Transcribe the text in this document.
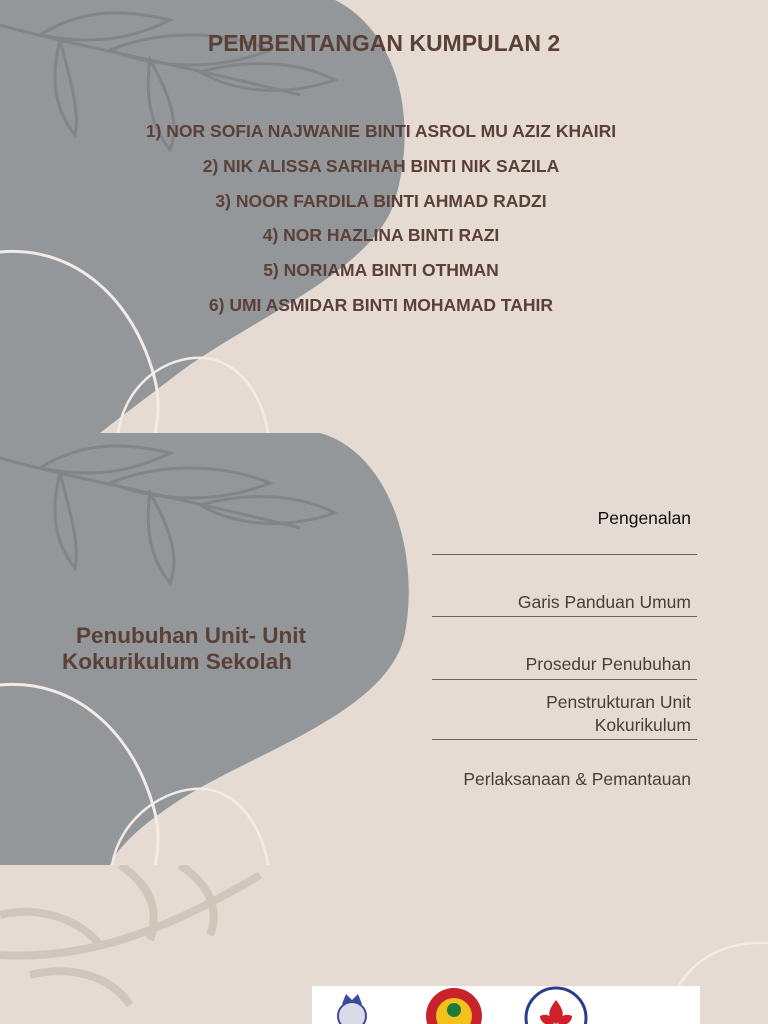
PEMBENTANGAN KUMPULAN 2
1) NOR SOFIA NAJWANIE BINTI ASROL MU AZIZ KHAIRI
2) NIK ALISSA SARIHAH BINTI NIK SAZILA
3) NOOR FARDILA BINTI AHMAD RADZI
4) NOR HAZLINA BINTI RAZI
5) NORIAMA BINTI OTHMAN
6) UMI ASMIDAR BINTI MOHAMAD TAHIR
Penubuhan Unit- Unit
Kokurikulum Sekolah
Pengenalan
Garis Panduan Umum
Prosedur Penubuhan
Penstrukturan Unit
Kokurikulum
Perlaksanaan & Pemantauan
